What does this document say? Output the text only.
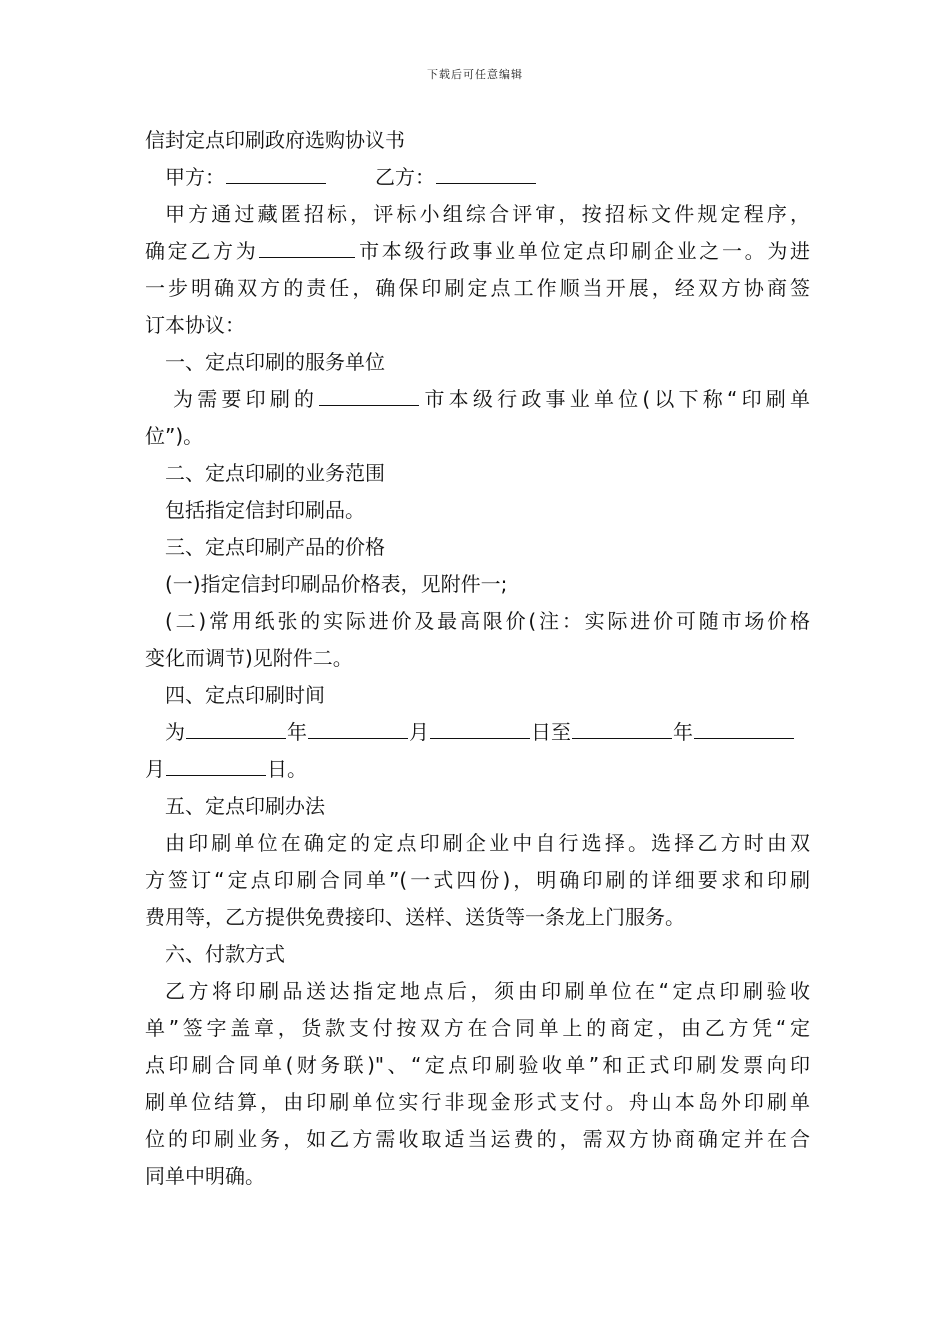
下载后可任意编辑
信封定点印刷政府选购协议书
甲方：	乙方：
甲方通过藏匿招标，评标小组综合评审，按招标文件规定程序，
确定乙方为	市本级行政事业单位定点印刷企业之一。为进
一步明确双方的责任，确保印刷定点工作顺当开展，经双方协商签
订本协议：
一、定点印刷的服务单位
为需要印刷的	市本级行政事业单位(以下称“印刷单
位”)。
二、定点印刷的业务范围
包括指定信封印刷品。
三、定点印刷产品的价格
(一)指定信封印刷品价格表，见附件一;
(二)常用纸张的实际进价及最高限价(注：实际进价可随市场价格
变化而调节)见附件二。
四、定点印刷时间
为	年	月	日至	年
月	日。
五、定点印刷办法
由印刷单位在确定的定点印刷企业中自行选择。选择乙方时由双
方签订“定点印刷合同单”(一式四份)，明确印刷的详细要求和印刷
费用等，乙方提供免费接印、送样、送货等一条龙上门服务。
六、付款方式
乙方将印刷品送达指定地点后，须由印刷单位在“定点印刷验收
单”签字盖章，货款支付按双方在合同单上的商定，由乙方凭“定
点印刷合同单(财务联)"、“定点印刷验收单”和正式印刷发票向印
刷单位结算，由印刷单位实行非现金形式支付。舟山本岛外印刷单
位的印刷业务，如乙方需收取适当运费的，需双方协商确定并在合
同单中明确。
